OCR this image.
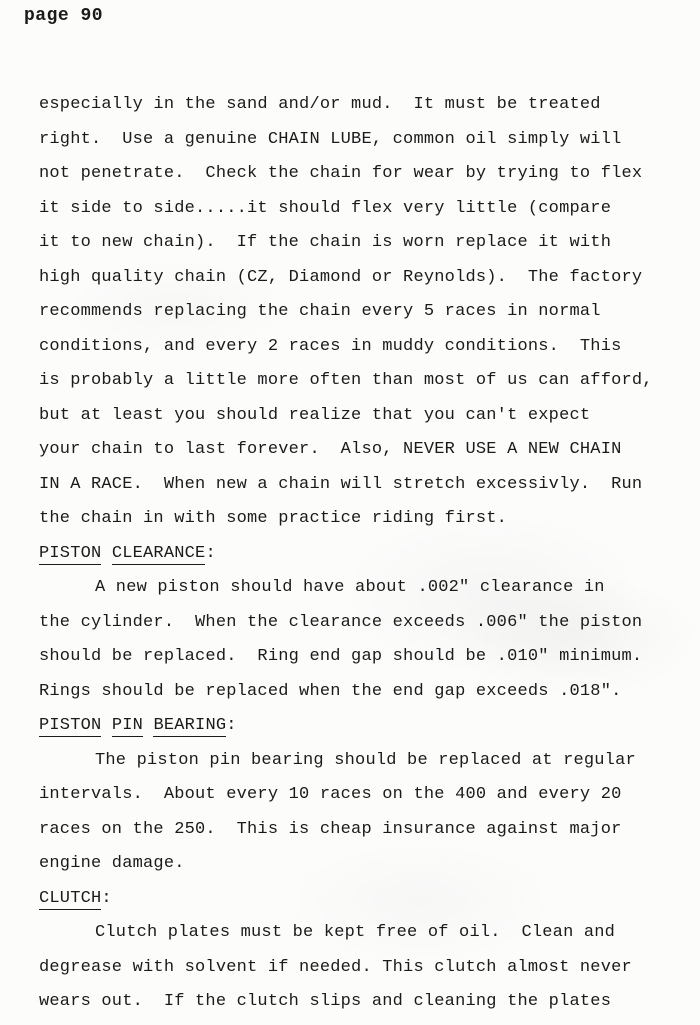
page 90
especially in the sand and/or mud.  It must be treated
right.  Use a genuine CHAIN LUBE, common oil simply will
not penetrate.  Check the chain for wear by trying to flex
it side to side.....it should flex very little (compare
it to new chain).  If the chain is worn replace it with
high quality chain (CZ, Diamond or Reynolds).  The factory
recommends replacing the chain every 5 races in normal
conditions, and every 2 races in muddy conditions.  This
is probably a little more often than most of us can afford,
but at least you should realize that you can't expect
your chain to last forever.  Also, NEVER USE A NEW CHAIN
IN A RACE.  When new a chain will stretch excessivly.  Run
the chain in with some practice riding first.
PISTON CLEARANCE:
A new piston should have about .002" clearance in
the cylinder.  When the clearance exceeds .006" the piston
should be replaced.  Ring end gap should be .010" minimum.
Rings should be replaced when the end gap exceeds .018".
PISTON PIN BEARING:
The piston pin bearing should be replaced at regular
intervals.  About every 10 races on the 400 and every 20
races on the 250.  This is cheap insurance against major
engine damage.
CLUTCH:
Clutch plates must be kept free of oil.  Clean and
degrease with solvent if needed. This clutch almost never
wears out.  If the clutch slips and cleaning the plates
